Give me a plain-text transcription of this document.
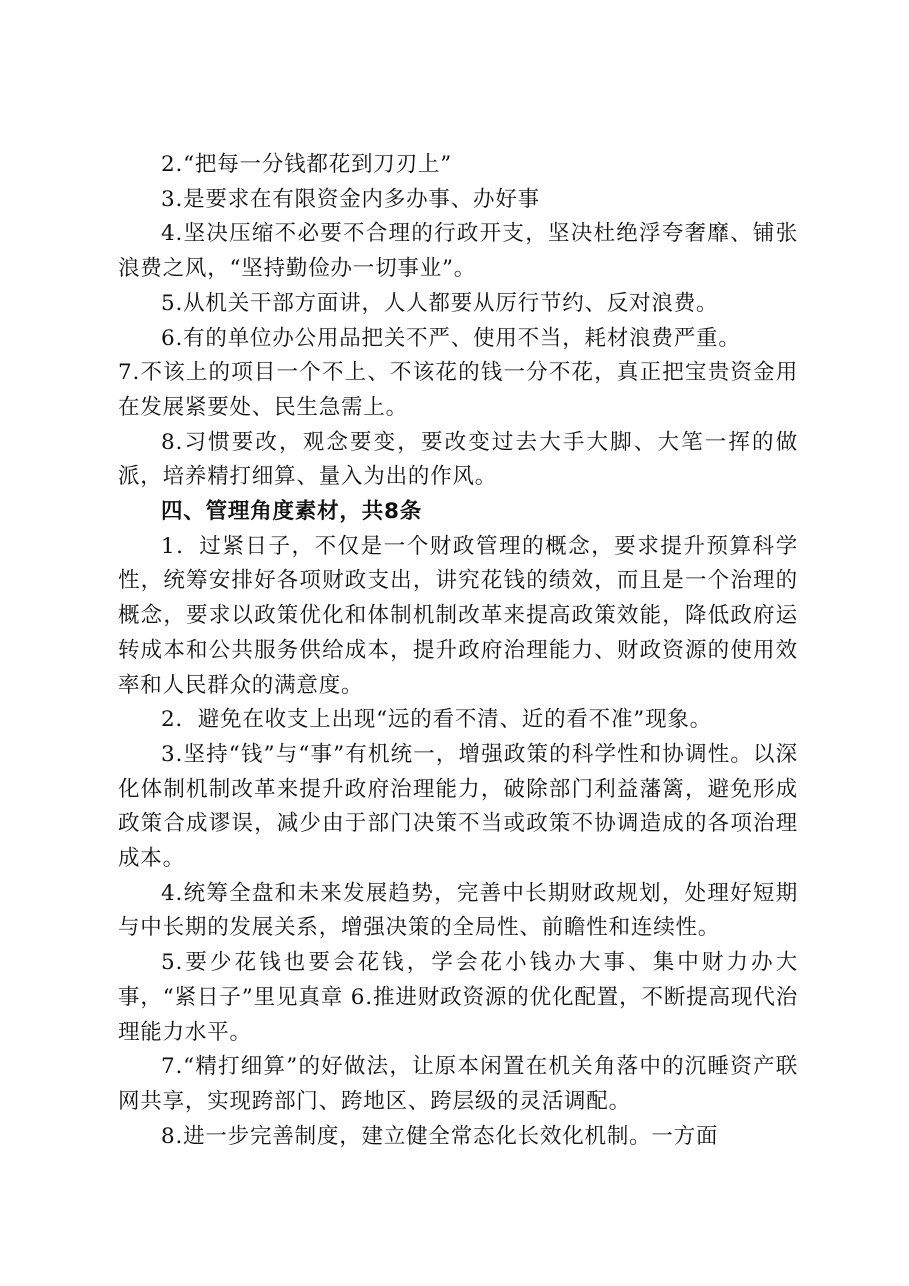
2.“把每一分钱都花到刀刃上”

3.是要求在有限资金内多办事、办好事

4.坚决压缩不必要不合理的行政开支，坚决杜绝浮夸奢靡、铺张浪费之风，“坚持勤俭办一切事业”。

5.从机关干部方面讲，人人都要从厉行节约、反对浪费。

6.有的单位办公用品把关不严、使用不当，耗材浪费严重。

7.不该上的项目一个不上、不该花的钱一分不花，真正把宝贵资金用在发展紧要处、民生急需上。

8.习惯要改，观念要变，要改变过去大手大脚、大笔一挥的做派，培养精打细算、量入为出的作风。

四、管理角度素材，共8条

1．过紧日子，不仅是一个财政管理的概念，要求提升预算科学性，统筹安排好各项财政支出，讲究花钱的绩效，而且是一个治理的概念，要求以政策优化和体制机制改革来提高政策效能，降低政府运转成本和公共服务供给成本，提升政府治理能力、财政资源的使用效率和人民群众的满意度。

2．避免在收支上出现“远的看不清、近的看不准”现象。

3.坚持“钱”与“事”有机统一，增强政策的科学性和协调性。以深化体制机制改革来提升政府治理能力，破除部门利益藩篱，避免形成政策合成谬误，减少由于部门决策不当或政策不协调造成的各项治理成本。

4.统筹全盘和未来发展趋势，完善中长期财政规划，处理好短期与中长期的发展关系，增强决策的全局性、前瞻性和连续性。

5.要少花钱也要会花钱，学会花小钱办大事、集中财力办大事，“紧日子”里见真章 6.推进财政资源的优化配置，不断提高现代治理能力水平。

7.“精打细算”的好做法，让原本闲置在机关角落中的沉睡资产联网共享，实现跨部门、跨地区、跨层级的灵活调配。

8.进一步完善制度，建立健全常态化长效化机制。一方面
